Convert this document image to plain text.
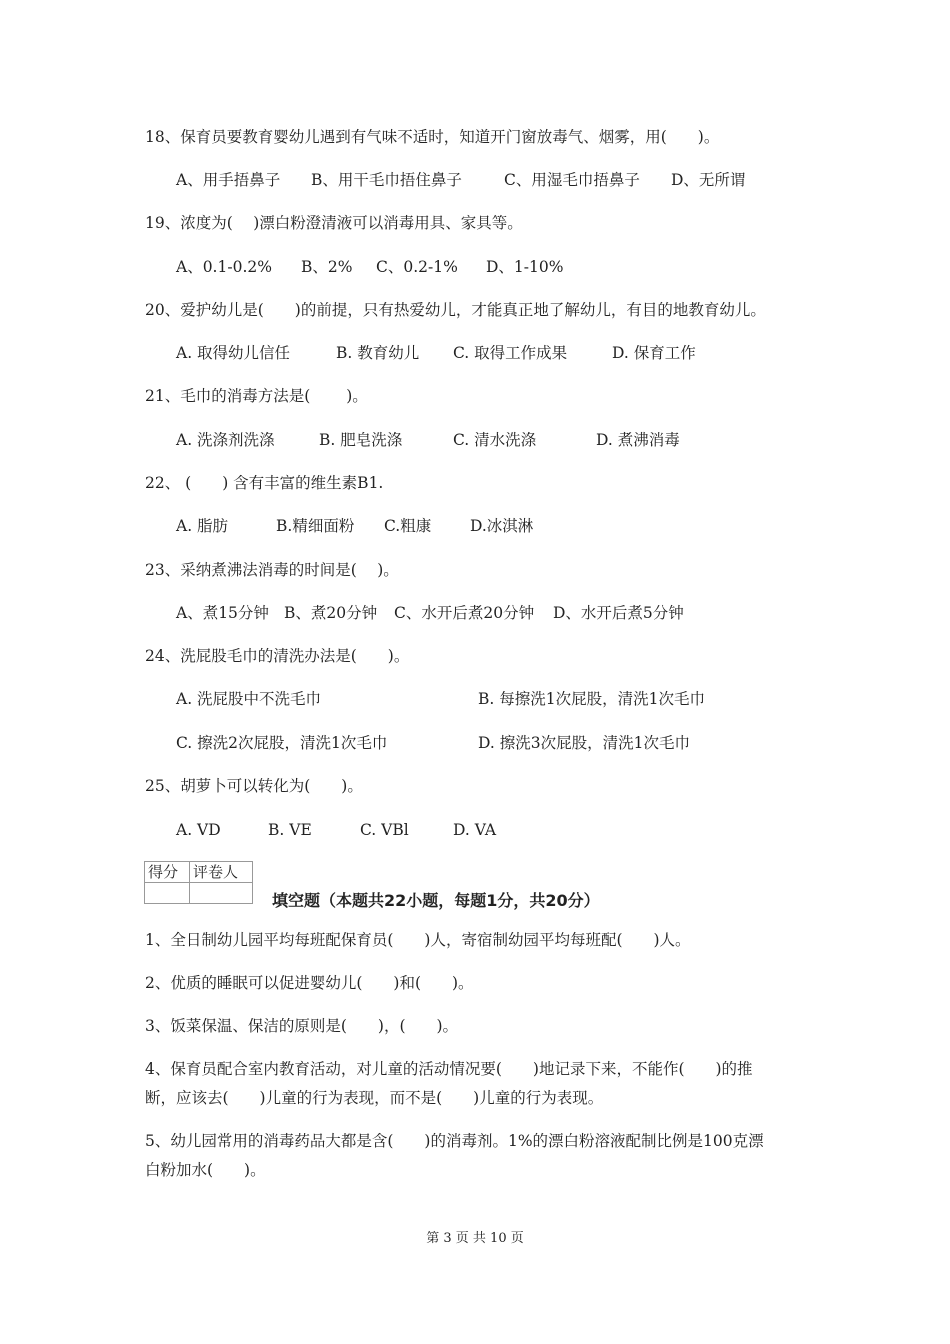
18、保育员要教育婴幼儿遇到有气味不适时，知道开门窗放毒气、烟雾，用(　　)。
A、用手捂鼻子 B、用干毛巾捂住鼻子	C、用湿毛巾捂鼻子 D、无所谓
19、浓度为(　 )漂白粉澄清液可以消毒用具、家具等。
A、0.1-0.2% B、2% C、0.2-1% D、1-10%
20、爱护幼儿是(　　)的前提，只有热爱幼儿，才能真正地了解幼儿，有目的地教育幼儿。
A. 取得幼儿信任	B. 教育幼儿 C. 取得工作成果	D. 保育工作
21、毛巾的消毒方法是(　　 )。
A. 洗涤剂洗涤	B. 肥皂洗涤	C. 清水洗涤	D. 煮沸消毒
22、 (　　) 含有丰富的维生素B1.
A. 脂肪	B.精细面粉 C.粗康	D.冰淇淋
23、采纳煮沸法消毒的时间是(　 )。
A、煮15分钟 B、煮20分钟 C、水开后煮20分钟 D、水开后煮5分钟
24、洗屁股毛巾的清洗办法是(　　)。
A. 洗屁股中不洗毛巾	B. 每擦洗1次屁股，清洗1次毛巾
C. 擦洗2次屁股，清洗1次毛巾	D. 擦洗3次屁股，清洗1次毛巾
25、胡萝卜可以转化为(　　)。
A. VD	B. VE	C. VBl	D. VA
得分	评卷人

填空题（本题共22小题，每题1分，共20分）
1、全日制幼儿园平均每班配保育员(　　)人，寄宿制幼园平均每班配(　　)人。
2、优质的睡眠可以促进婴幼儿(　　)和(　　)。
3、饭菜保温、保洁的原则是(　　)，(　　)。
4、保育员配合室内教育活动，对儿童的活动情况要(　　)地记录下来，不能作(　　)的推
断，应该去(　　)儿童的行为表现，而不是(　　)儿童的行为表现。
5、幼儿园常用的消毒药品大都是含(　　)的消毒剂。1%的漂白粉溶液配制比例是100克漂
白粉加水(　　)。
第 3 页 共 10 页
